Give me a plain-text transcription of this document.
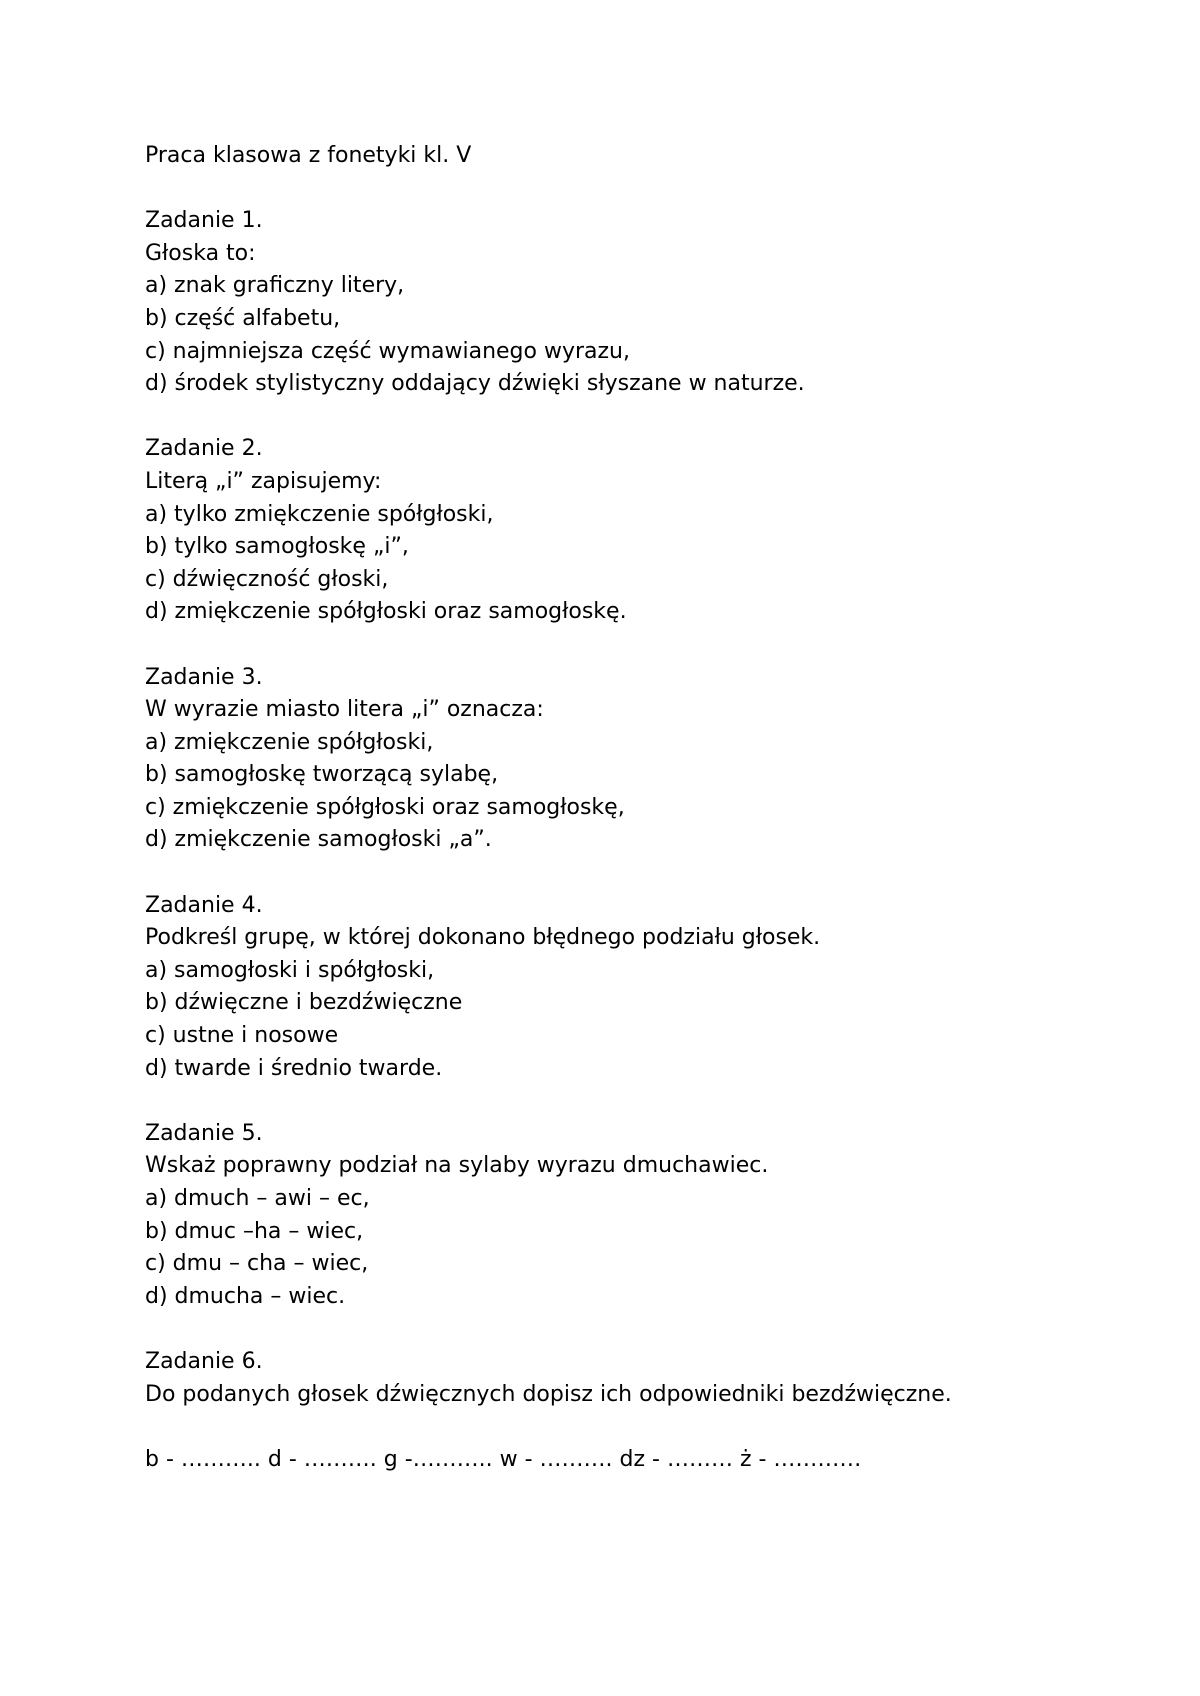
Praca klasowa z fonetyki kl. V
Zadanie 1.
Głoska to:
a) znak graficzny litery,
b) część alfabetu,
c) najmniejsza część wymawianego wyrazu,
d) środek stylistyczny oddający dźwięki słyszane w naturze.
Zadanie 2.
Literą „i” zapisujemy:
a) tylko zmiękczenie spółgłoski,
b) tylko samogłoskę „i”,
c) dźwięczność głoski,
d) zmiękczenie spółgłoski oraz samogłoskę.
Zadanie 3.
W wyrazie miasto litera „i” oznacza:
a) zmiękczenie spółgłoski,
b) samogłoskę tworzącą sylabę,
c) zmiękczenie spółgłoski oraz samogłoskę,
d) zmiękczenie samogłoski „a”.
Zadanie 4.
Podkreśl grupę, w której dokonano błędnego podziału głosek.
a) samogłoski i spółgłoski,
b) dźwięczne i bezdźwięczne
c) ustne i nosowe
d) twarde i średnio twarde.
Zadanie 5.
Wskaż poprawny podział na sylaby wyrazu dmuchawiec.
a) dmuch – awi – ec,
b) dmuc –ha – wiec,
c) dmu – cha – wiec,
d) dmucha – wiec.
Zadanie 6.
Do podanych głosek dźwięcznych dopisz ich odpowiedniki bezdźwięczne.
b - ……….. d - ………. g -……….. w - ………. dz - ……… ż - …………
